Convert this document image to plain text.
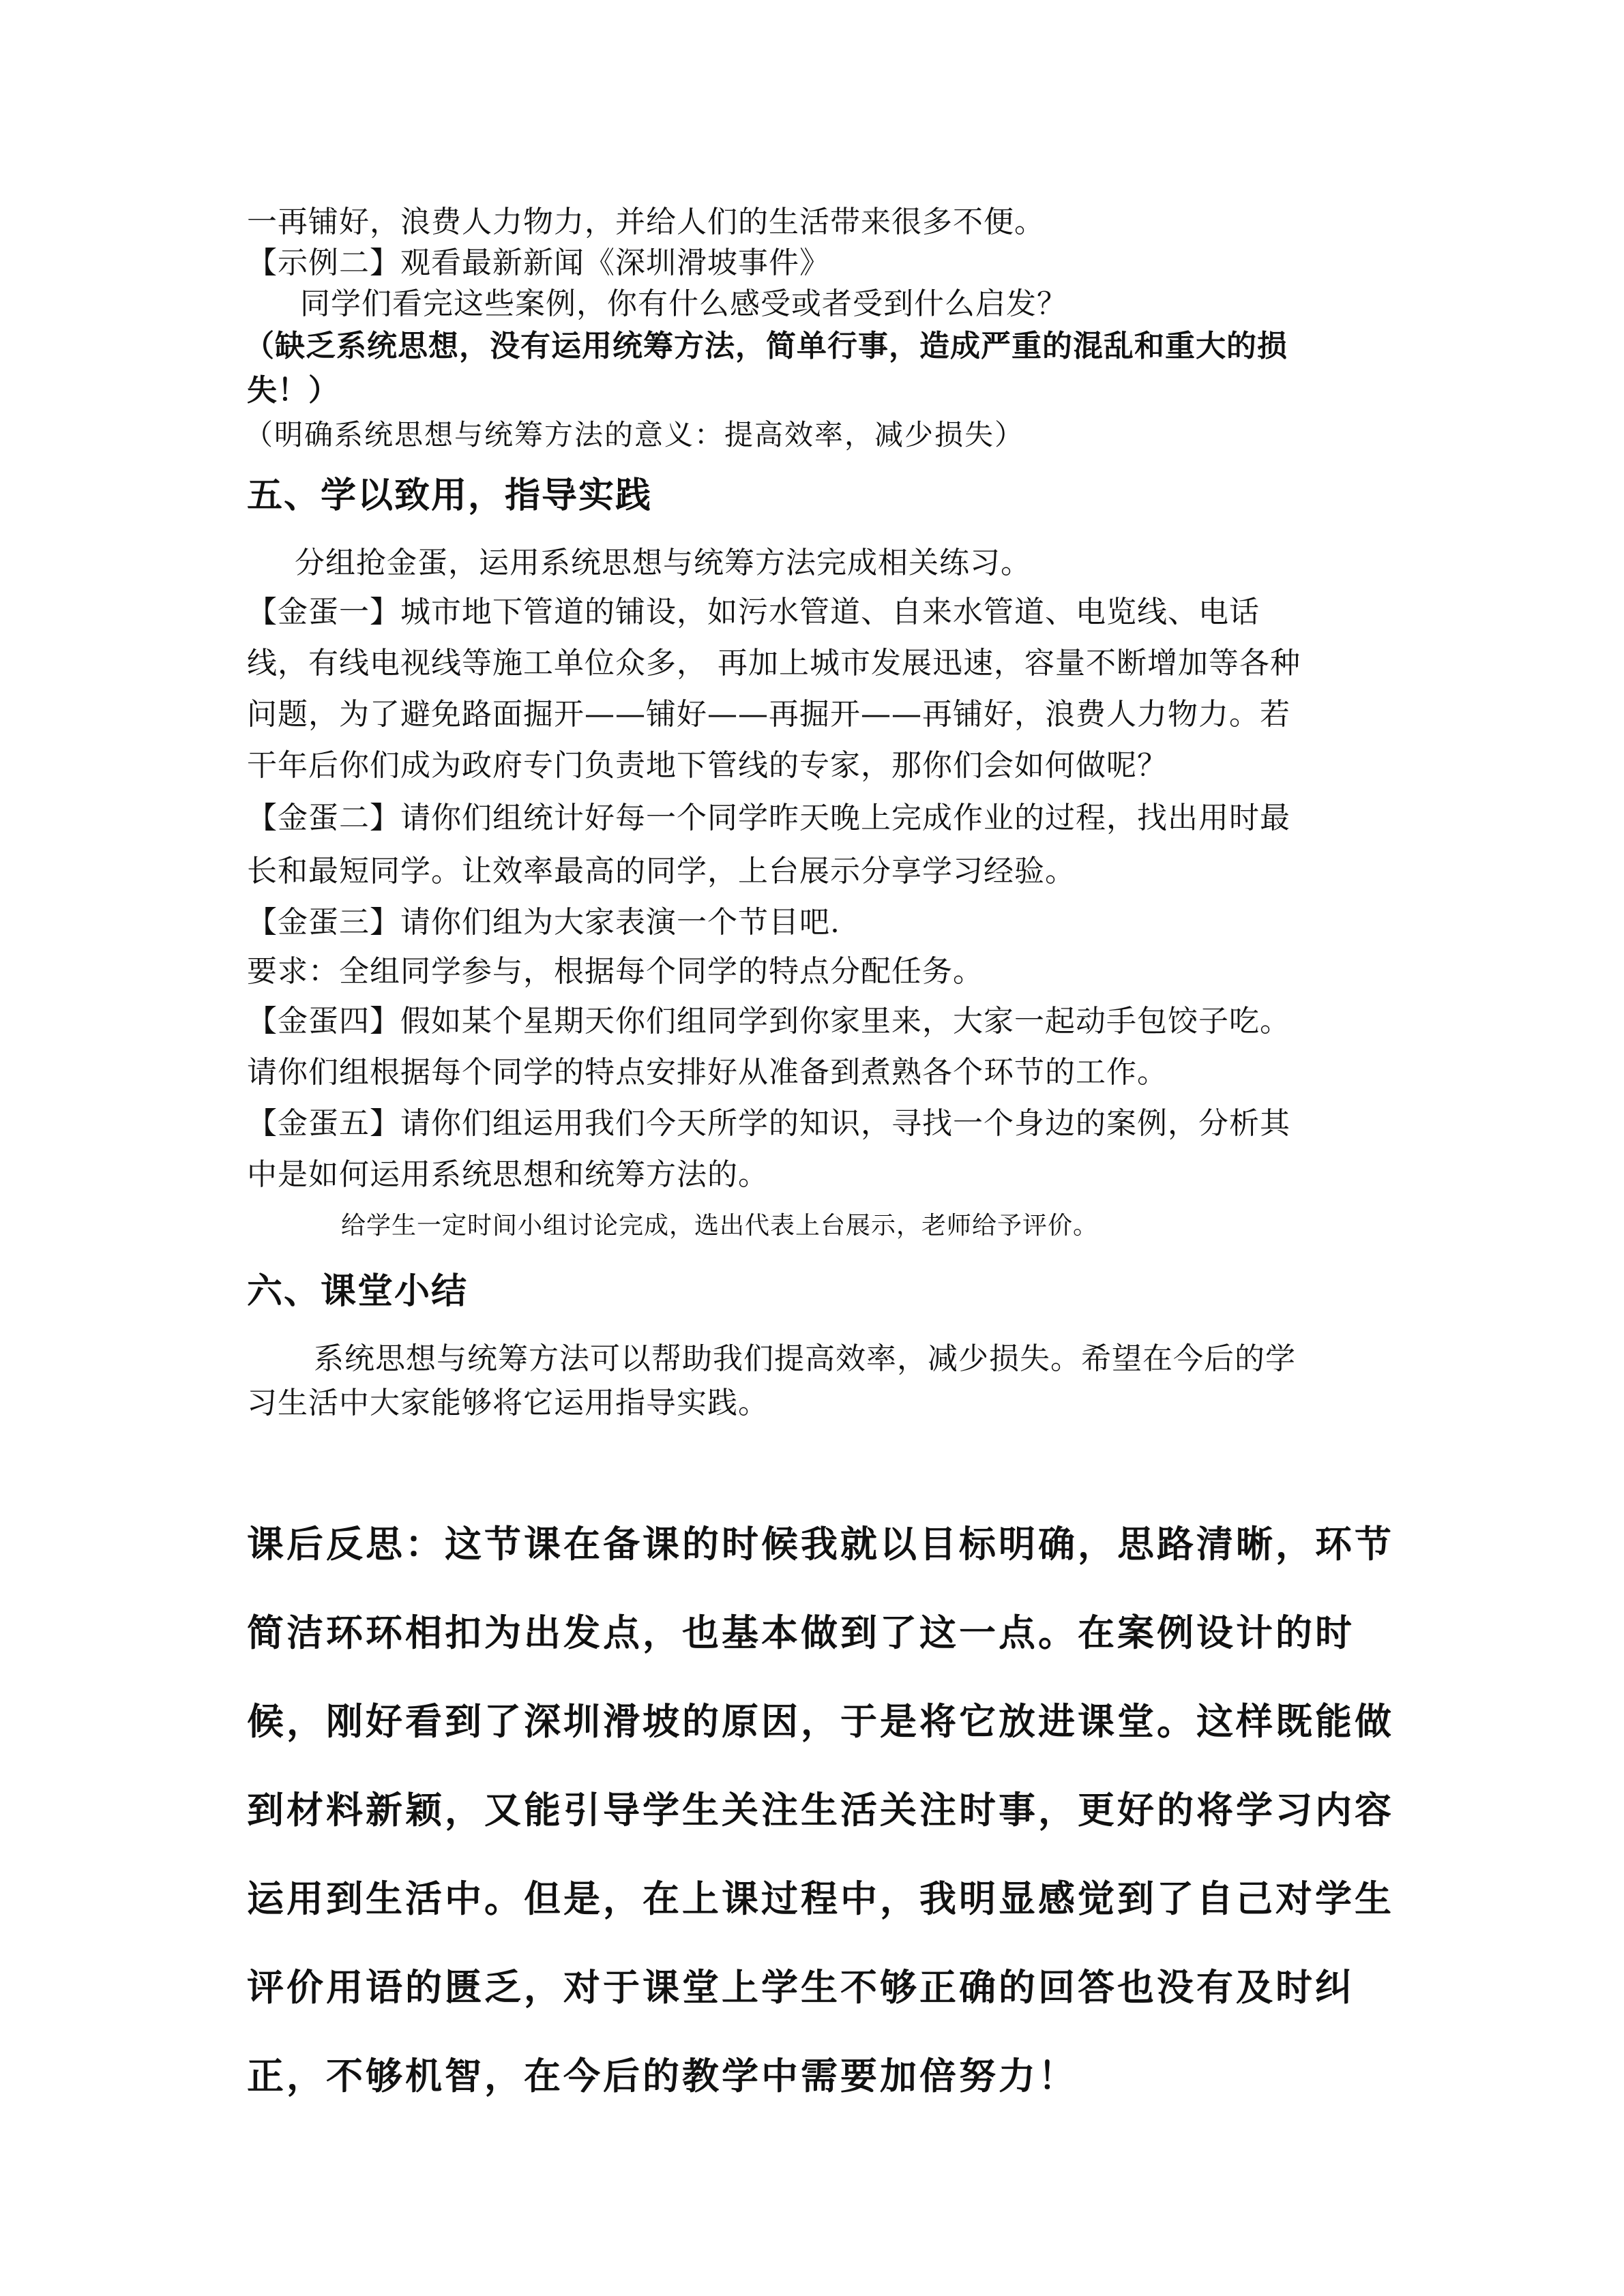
一再铺好，浪费人力物力，并给人们的生活带来很多不便。
【示例二】观看最新新闻《深圳滑坡事件》
同学们看完这些案例，你有什么感受或者受到什么启发？
（缺乏系统思想，没有运用统筹方法，简单行事，造成严重的混乱和重大的损
失！）
（明确系统思想与统筹方法的意义：提高效率，减少损失）
五、学以致用，指导实践
分组抢金蛋，运用系统思想与统筹方法完成相关练习。
【金蛋一】城市地下管道的铺设，如污水管道、自来水管道、电览线、电话
线，有线电视线等施工单位众多， 再加上城市发展迅速，容量不断增加等各种
问题，为了避免路面掘开——铺好——再掘开——再铺好，浪费人力物力。若
干年后你们成为政府专门负责地下管线的专家，那你们会如何做呢？
【金蛋二】请你们组统计好每一个同学昨天晚上完成作业的过程，找出用时最
长和最短同学。让效率最高的同学，上台展示分享学习经验。
【金蛋三】请你们组为大家表演一个节目吧.
要求：全组同学参与，根据每个同学的特点分配任务。
【金蛋四】假如某个星期天你们组同学到你家里来，大家一起动手包饺子吃。
请你们组根据每个同学的特点安排好从准备到煮熟各个环节的工作。
【金蛋五】请你们组运用我们今天所学的知识，寻找一个身边的案例，分析其
中是如何运用系统思想和统筹方法的。
给学生一定时间小组讨论完成，选出代表上台展示，老师给予评价。
六、课堂小结
系统思想与统筹方法可以帮助我们提高效率，减少损失。希望在今后的学
习生活中大家能够将它运用指导实践。
课后反思：这节课在备课的时候我就以目标明确，思路清晰，环节
简洁环环相扣为出发点，也基本做到了这一点。在案例设计的时
候，刚好看到了深圳滑坡的原因，于是将它放进课堂。这样既能做
到材料新颖，又能引导学生关注生活关注时事，更好的将学习内容
运用到生活中。但是，在上课过程中，我明显感觉到了自己对学生
评价用语的匮乏，对于课堂上学生不够正确的回答也没有及时纠
正，不够机智，在今后的教学中需要加倍努力！
